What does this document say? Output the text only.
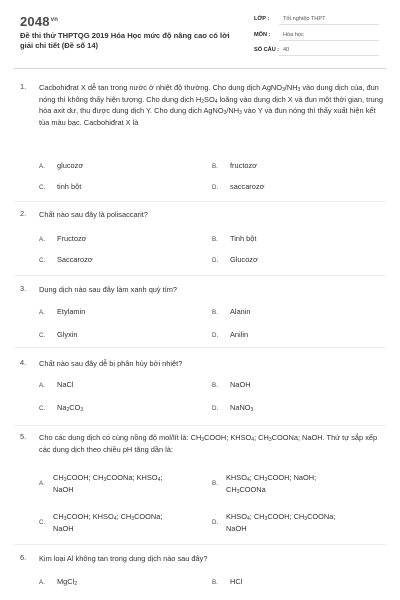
$2048^{vn}$
Đề thi thử THPTQG 2019 Hóa Học mức độ nâng cao có lời giải chi tiết (Đề số 14)
LỚP : Tốt nghiệp THPT
MÔN : Hóa học
SỐ CÂU : 40
1. Cacbohiđrat X dễ tan trong nước ở nhiệt độ thường. Cho dung dịch $AgNO_3/NH_3$ vào dung dịch của, đun nóng thì không thấy hiện tượng. Cho dung dịch $H_2SO_4$ loãng vào dung dịch X và đun một thời gian, trung hòa axit dư, thu được dung dịch Y. Cho dung dịch $AgNO_3/NH_3$ vào Y và đun nóng thì thấy xuất hiện kết tủa màu bạc. Cacbohiđrat X là
A. glucozơ	B. fructozơ
C. tinh bột	D. saccarozơ
2. Chất nào sau đây là polisaccarit?
A. Fructozơ	B. Tinh bột
C. Saccarozơ	D. Glucozơ
3. Dung dịch nào sau đây làm xanh quỳ tím?
A. Etylamin	B. Alanin
C. Glyxin	D. Anilin
4. Chất nào sau đây dễ bị phân hủy bởi nhiệt?
A. NaCl	B. NaOH
C. $Na_2CO_3$	D. NaNO$_3$
5. Cho các dung dịch có cùng nồng độ mol/lít là: $CH_3COOH$; $KHSO_4$; $CH_3COONa$; NaOH. Thứ tự sắp xếp các dung dịch theo chiều pH tăng dần là:
A.
$CH_3COOH$; $CH_3COONa$; $KHSO_4$;
NaOH
B.
$KHSO_4$; $CH_3COOH$; NaOH;
$CH_3COONa$
C.
$CH_3COOH$; $KHSO_4$; $CH_3COONa$;
NaOH
D.
$KHSO_4$; $CH_3COOH$; $CH_3COONa$;
NaOH
6. Kim loại Al không tan trong dung dịch nào sau đây?
A. MgCl$_2$	B. HCl
